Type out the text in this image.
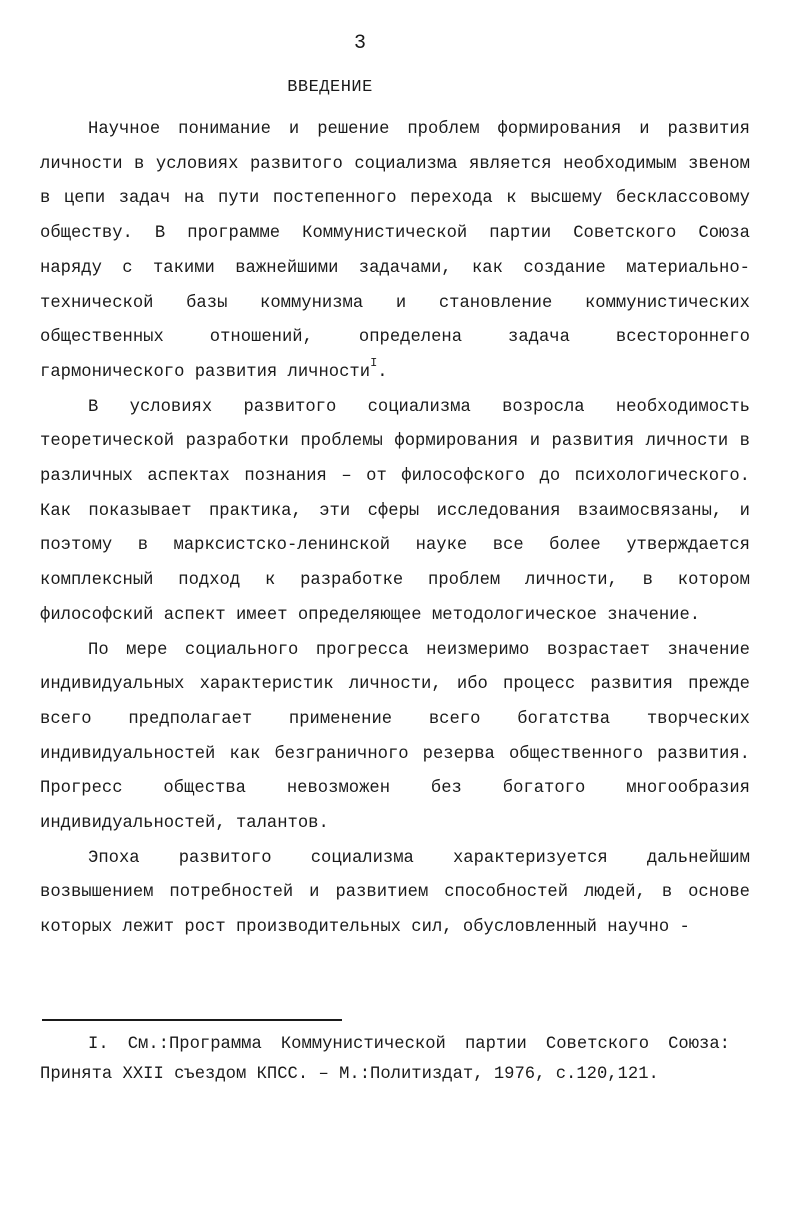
3
ВВЕДЕНИЕ

Научное понимание и решение проблем формирования и развития личности в условиях развитого социализма является необходимым звеном в цепи задач на пути постепенного перехода к высшему бесклассовому обществу. В программе Коммунистической партии Советского Союза наряду с такими важнейшими задачами, как создание материально-технической базы коммунизма и становление коммунистических общественных отношений, определена задача всестороннего гармонического развития личности$^I$.

В условиях развитого социализма возросла необходимость теоретической разработки проблемы формирования и развития личности в различных аспектах познания – от философского до психологического. Как показывает практика, эти сферы исследования взаимосвязаны, и поэтому в марксистско-ленинской науке все более утверждается комплексный подход к разработке проблем личности, в котором философский аспект имеет определяющее методологическое значение.

По мере социального прогресса неизмеримо возрастает значение индивидуальных характеристик личности, ибо процесс развития прежде всего предполагает применение всего богатства творческих индивидуальностей как безграничного резерва общественного развития. Прогресс общества невозможен без богатого многообразия индивидуальностей, талантов.

Эпоха развитого социализма характеризуется дальнейшим возвышением потребностей и развитием способностей людей, в основе которых лежит рост производительных сил, обусловленный научно -

I. См.:Программа Коммунистической партии Советского Союза: Принята XXII съездом КПСС. – М.:Политиздат, 1976, с.120,121.
